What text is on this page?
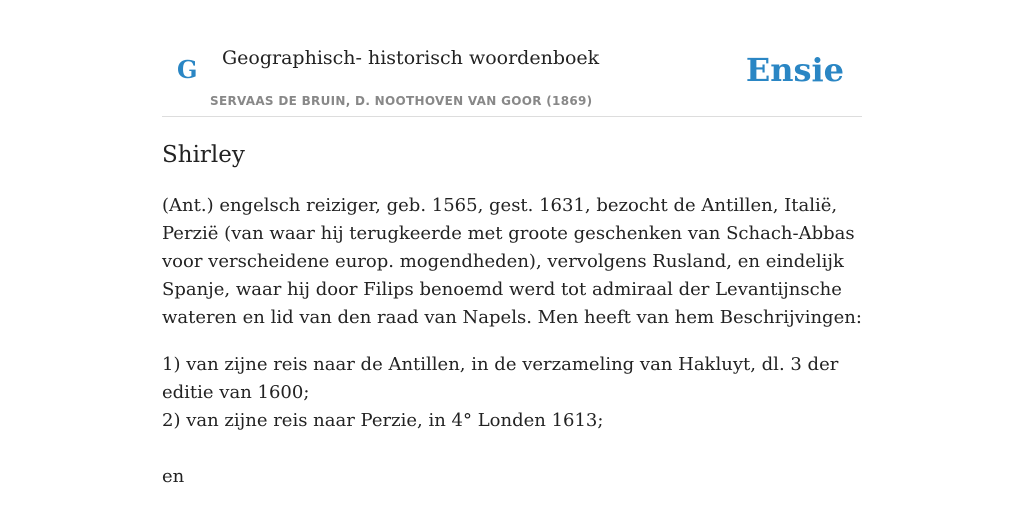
G Geographisch- historisch woordenboek
SERVAAS DE BRUIN, D. NOOTHOVEN VAN GOOR (1869)
Ensie
Shirley

(Ant.) engelsch reiziger, geb. 1565, gest. 1631, bezocht de Antillen, Italië, Perzië (van waar hij terugkeerde met groote geschenken van Schach-Abbas voor verscheidene europ. mogendheden), vervolgens Rusland, en eindelijk Spanje, waar hij door Filips benoemd werd tot admiraal der Levantijnsche wateren en lid van den raad van Napels. Men heeft van hem Beschrijvingen:

1) van zijne reis naar de Antillen, in de verzameling van Hakluyt, dl. 3 der editie van 1600;
2) van zijne reis naar Perzie, in 4° Londen 1613;

en
